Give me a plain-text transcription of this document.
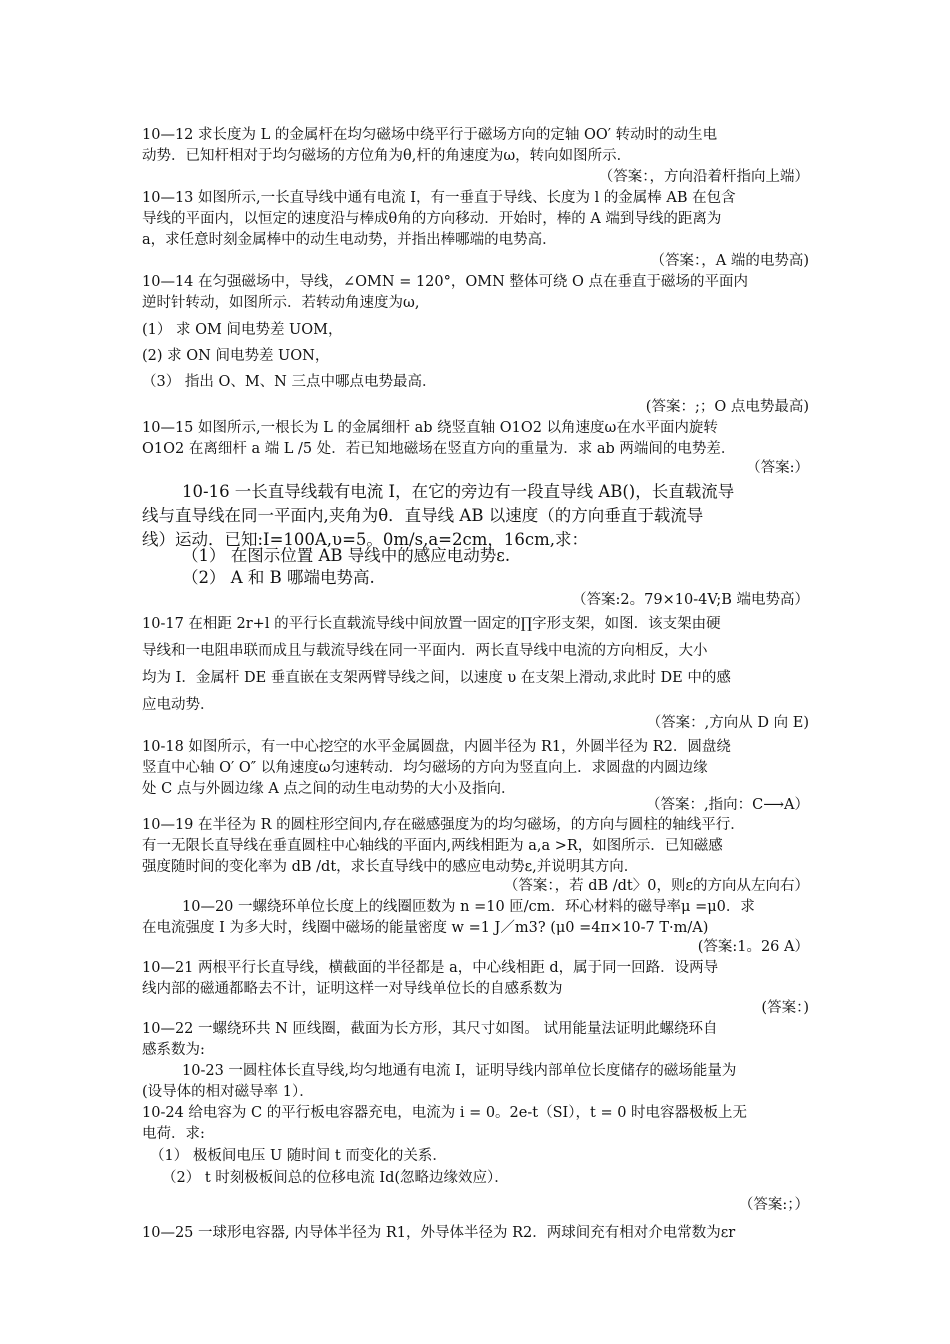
10—12 求长度为 L 的金属杆在均匀磁场中绕平行于磁场方向的定轴 OO′ 转动时的动生电
动势．已知杆相对于均匀磁场的方位角为θ,杆的角速度为ω，转向如图所示．
（答案：，方向沿着杆指向上端）
10—13 如图所示,一长直导线中通有电流 I，有一垂直于导线、长度为 l 的金属棒 AB 在包含
导线的平面内，以恒定的速度沿与棒成θ角的方向移动．开始时，棒的 A 端到导线的距离为
a，求任意时刻金属棒中的动生电动势，并指出棒哪端的电势高．
（答案：，A 端的电势高)
10—14 在匀强磁场中，导线，∠OMN = 120°，OMN 整体可绕 O 点在垂直于磁场的平面内
逆时针转动，如图所示．若转动角速度为ω,
(1） 求 OM 间电势差 UOM，
(2) 求 ON 间电势差 UON，
（3） 指出 O、M、N 三点中哪点电势最高．
(答案：;；O 点电势最高)
10—15 如图所示,一根长为 L 的金属细杆 ab 绕竖直轴 O1O2 以角速度ω在水平面内旋转
O1O2 在离细杆 a 端 L /5 处．若已知地磁场在竖直方向的重量为．求 ab 两端间的电势差．
（答案:）
10-16 一长直导线载有电流 I，在它的旁边有一段直导线 AB()，长直载流导
线与直导线在同一平面内,夹角为θ．直导线 AB 以速度（的方向垂直于载流导
线）运动．已知:I=100A,υ=5。0m/s,a=2cm，16cm,求：
（1） 在图示位置 AB 导线中的感应电动势ε.
（2） A 和 B 哪端电势高.
（答案:2。79×10-4V;B 端电势高）
10-17 在相距 2r+l 的平行长直载流导线中间放置一固定的∏字形支架，如图．该支架由硬
导线和一电阻串联而成且与载流导线在同一平面内．两长直导线中电流的方向相反，大小
均为 I．金属杆 DE 垂直嵌在支架两臂导线之间，以速度 υ 在支架上滑动,求此时 DE 中的感
应电动势．
（答案：,方向从 D 向 E)
10-18 如图所示，有一中心挖空的水平金属圆盘，内圆半径为 R1，外圆半径为 R2．圆盘绕
竖直中心轴 O′ O″ 以角速度ω匀速转动．均匀磁场的方向为竖直向上．求圆盘的内圆边缘
处 C 点与外圆边缘 A 点之间的动生电动势的大小及指向．
（答案：,指向：C⟶A）
10—19 在半径为 R 的圆柱形空间内,存在磁感强度为的均匀磁场，的方向与圆柱的轴线平行．
有一无限长直导线在垂直圆柱中心轴线的平面内,两线相距为 a,a >R，如图所示．已知磁感
强度随时间的变化率为 dB /dt，求长直导线中的感应电动势ε,并说明其方向．
（答案：，若 dB /dt〉0，则ε的方向从左向右）
10—20 一螺绕环单位长度上的线圈匝数为 n =10 匝/cm．环心材料的磁导率μ =μ0．求
在电流强度 I 为多大时，线圈中磁场的能量密度 w =1 J／m3? (μ0 =4π×10-7 T·m/A)
(答案:1。26 A）
10—21 两根平行长直导线，横截面的半径都是 a，中心线相距 d，属于同一回路．设两导
线内部的磁通都略去不计，证明这样一对导线单位长的自感系数为
(答案：)
10—22 一螺绕环共 N 匝线圈，截面为长方形，其尺寸如图。 试用能量法证明此螺绕环自
感系数为:
10-23 一圆柱体长直导线,均匀地通有电流 I，证明导线内部单位长度储存的磁场能量为
(设导体的相对磁导率 1）．
10-24 给电容为 C 的平行板电容器充电，电流为 i = 0。2e-t（SI），t = 0 时电容器极板上无
电荷．求:
（1） 极板间电压 U 随时间 t 而变化的关系．
（2） t 时刻极板间总的位移电流 Id(忽略边缘效应）．
（答案:；）
10—25 一球形电容器, 内导体半径为 R1，外导体半径为 R2．两球间充有相对介电常数为εr
